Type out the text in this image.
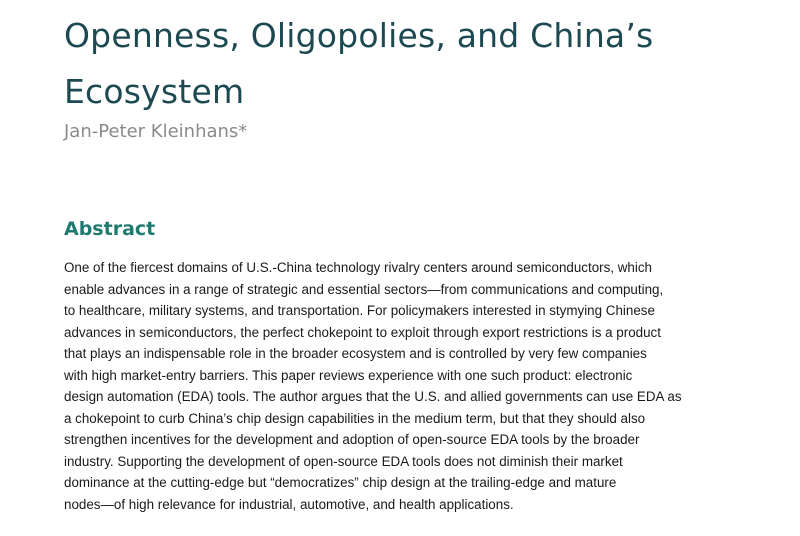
Openness, Oligopolies, and China’s
Ecosystem

Jan-Peter Kleinhans*

Abstract

One of the fiercest domains of U.S.-China technology rivalry centers around semiconductors, which
enable advances in a range of strategic and essential sectors—from communications and computing,
to healthcare, military systems, and transportation. For policymakers interested in stymying Chinese
advances in semiconductors, the perfect chokepoint to exploit through export restrictions is a product
that plays an indispensable role in the broader ecosystem and is controlled by very few companies
with high market-entry barriers. This paper reviews experience with one such product: electronic
design automation (EDA) tools. The author argues that the U.S. and allied governments can use EDA as
a chokepoint to curb China’s chip design capabilities in the medium term, but that they should also
strengthen incentives for the development and adoption of open-source EDA tools by the broader
industry. Supporting the development of open-source EDA tools does not diminish their market
dominance at the cutting-edge but “democratizes” chip design at the trailing-edge and mature
nodes—of high relevance for industrial, automotive, and health applications.
